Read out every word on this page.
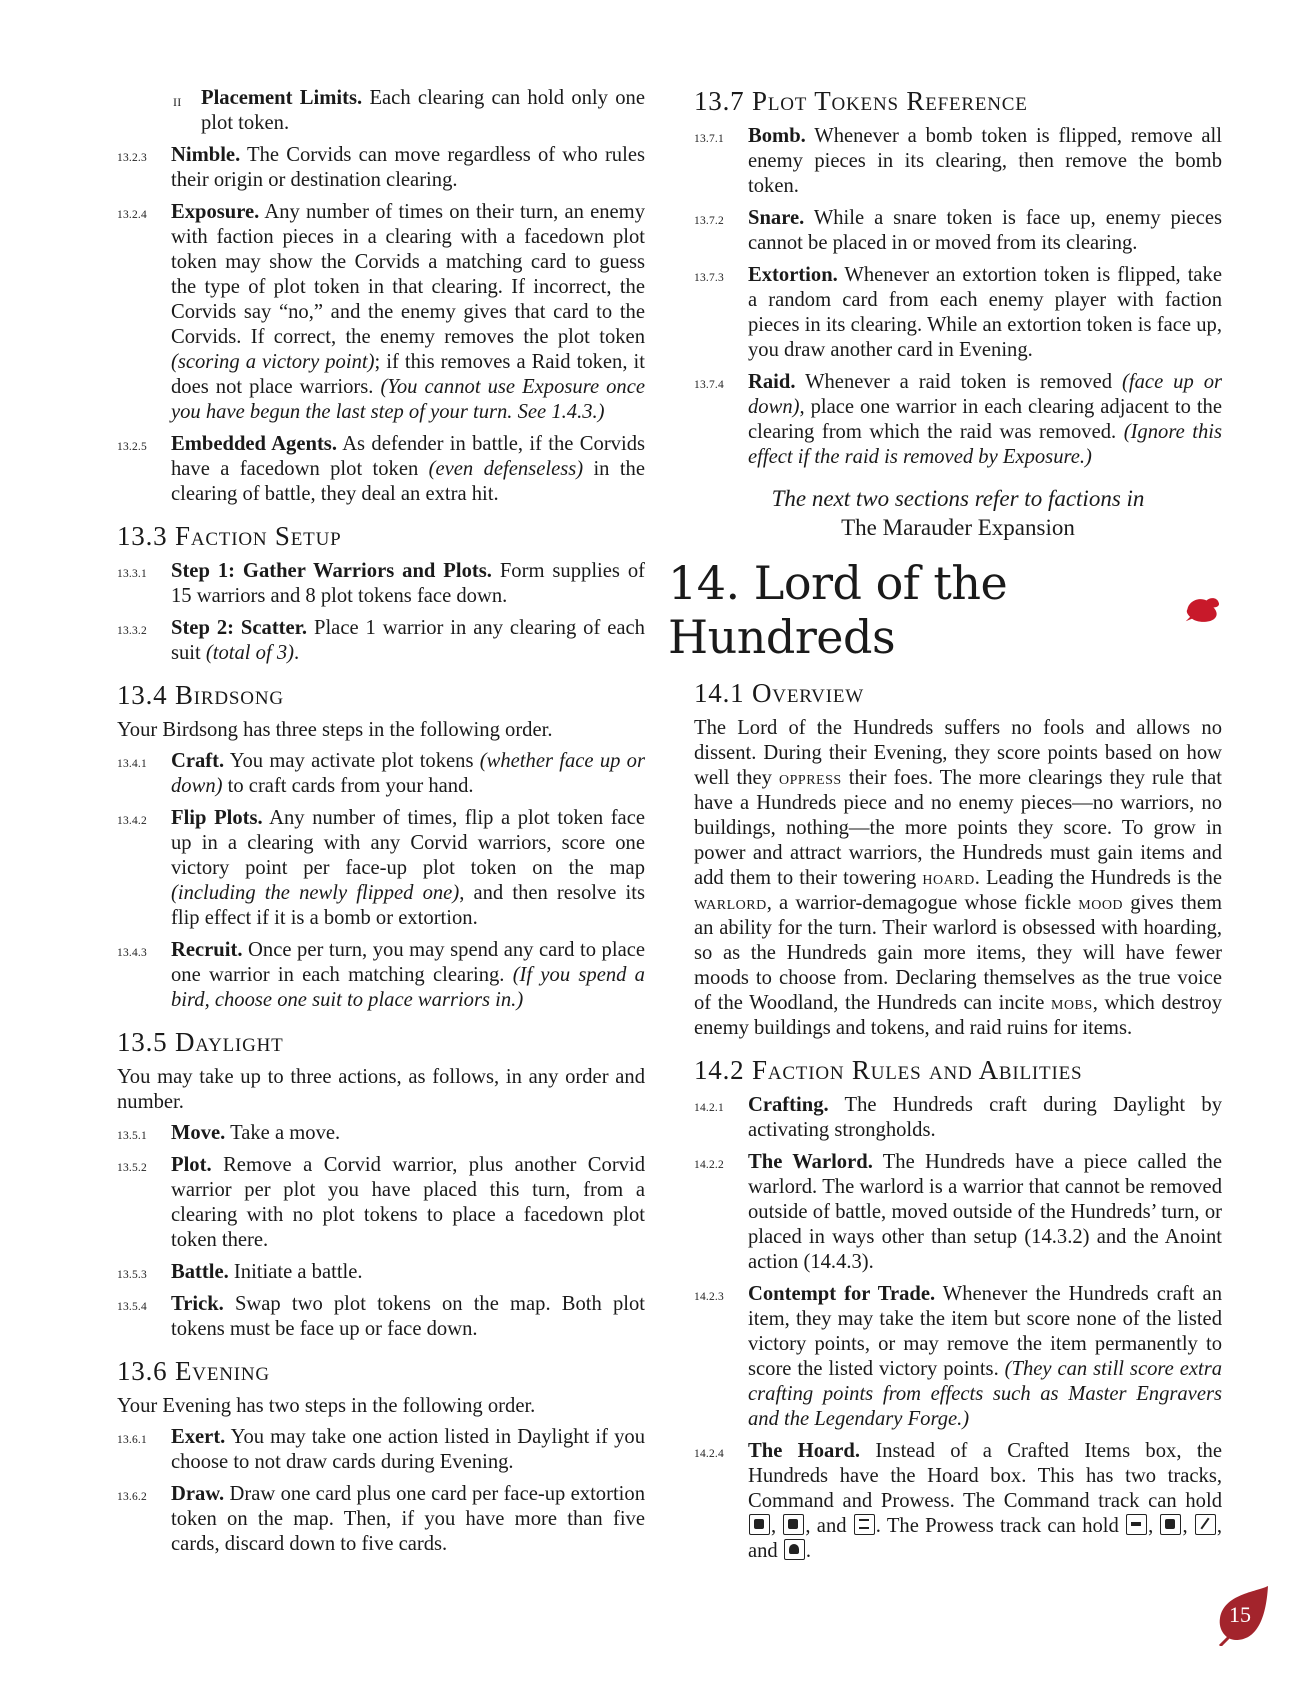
II Placement Limits. Each clearing can hold only one plot token.
13.2.3 Nimble. The Corvids can move regardless of who rules their origin or destination clearing.
13.2.4 Exposure. Any number of times on their turn, an enemy with faction pieces in a clearing with a facedown plot token may show the Corvids a matching card to guess the type of plot token in that clearing. If incorrect, the Corvids say “no,” and the enemy gives that card to the Corvids. If correct, the enemy removes the plot token (scoring a victory point); if this removes a Raid token, it does not place warriors. (You cannot use Exposure once you have begun the last step of your turn. See 1.4.3.)
13.2.5 Embedded Agents. As defender in battle, if the Corvids have a facedown plot token (even defenseless) in the clearing of battle, they deal an extra hit.
13.3 Faction Setup
13.3.1 Step 1: Gather Warriors and Plots. Form supplies of 15 warriors and 8 plot tokens face down.
13.3.2 Step 2: Scatter. Place 1 warrior in any clearing of each suit (total of 3).
13.4 Birdsong

Your Birdsong has three steps in the following order.

13.4.1 Craft. You may activate plot tokens (whether face up or down) to craft cards from your hand.
13.4.2 Flip Plots. Any number of times, flip a plot token face up in a clearing with any Corvid warriors, score one victory point per face-up plot token on the map (including the newly flipped one), and then resolve its flip effect if it is a bomb or extortion.
13.4.3 Recruit. Once per turn, you may spend any card to place one warrior in each matching clearing. (If you spend a bird, choose one suit to place warriors in.)
13.5 Daylight

You may take up to three actions, as follows, in any order and number.

13.5.1 Move. Take a move.
13.5.2 Plot. Remove a Corvid warrior, plus another Corvid warrior per plot you have placed this turn, from a clearing with no plot tokens to place a facedown plot token there.
13.5.3 Battle. Initiate a battle.
13.5.4 Trick. Swap two plot tokens on the map. Both plot tokens must be face up or face down.
13.6 Evening

Your Evening has two steps in the following order.

13.6.1 Exert. You may take one action listed in Daylight if you choose to not draw cards during Evening.
13.6.2 Draw. Draw one card plus one card per face-up extortion token on the map. Then, if you have more than five cards, discard down to five cards.
13.7 Plot Tokens Reference
13.7.1 Bomb. Whenever a bomb token is flipped, remove all enemy pieces in its clearing, then remove the bomb token.
13.7.2 Snare. While a snare token is face up, enemy pieces cannot be placed in or moved from its clearing.
13.7.3 Extortion. Whenever an extortion token is flipped, take a random card from each enemy player with faction pieces in its clearing. While an extortion token is face up, you draw another card in Evening.
13.7.4 Raid. Whenever a raid token is removed (face up or down), place one warrior in each clearing adjacent to the clearing from which the raid was removed. (Ignore this effect if the raid is removed by Exposure.)
The next two sections refer to factions in
The Marauder Expansion
14. Lord of the Hundreds
14.1 Overview

The Lord of the Hundreds suffers no fools and allows no dissent. During their Evening, they score points based on how well they oppress their foes. The more clearings they rule that have a Hundreds piece and no enemy pieces—no warriors, no buildings, nothing—the more points they score. To grow in power and attract warriors, the Hundreds must gain items and add them to their towering hoard. Leading the Hundreds is the warlord, a warrior-demagogue whose fickle mood gives them an ability for the turn. Their warlord is obsessed with hoarding, so as the Hundreds gain more items, they will have fewer moods to choose from. Declaring themselves as the true voice of the Woodland, the Hundreds can incite mobs, which destroy enemy buildings and tokens, and raid ruins for items.

14.2 Faction Rules and Abilities
14.2.1 Crafting. The Hundreds craft during Daylight by activating strongholds.
14.2.2 The Warlord. The Hundreds have a piece called the warlord. The warlord is a warrior that cannot be removed outside of battle, moved outside of the Hundreds’ turn, or placed in ways other than setup (14.3.2) and the Anoint action (14.4.3).
14.2.3 Contempt for Trade. Whenever the Hundreds craft an item, they may take the item but score none of the listed victory points, or may remove the item permanently to score the listed victory points. (They can still score extra crafting points from effects such as Master Engravers and the Legendary Forge.)
14.2.4 The Hoard. Instead of a Crafted Items box, the Hundreds have the Hoard box. This has two tracks, Command and Prowess. The Command track can hold , , and . The Prowess track can hold , , , and .
15
